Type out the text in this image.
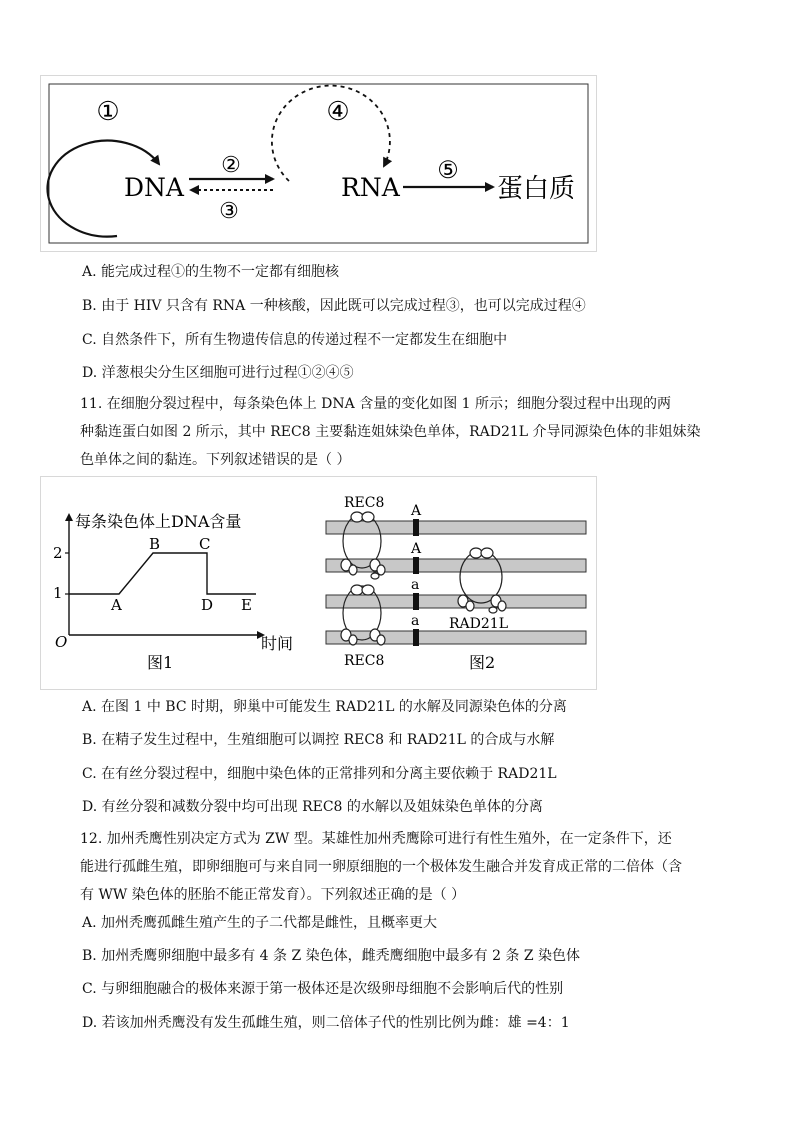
①
DNA
②
③
④
RNA
⑤
蛋白质
A. 能完成过程①的生物不一定都有细胞核
B. 由于 HIV 只含有 RNA 一种核酸，因此既可以完成过程③，也可以完成过程④
C. 自然条件下，所有生物遗传信息的传递过程不一定都发生在细胞中
D. 洋葱根尖分生区细胞可进行过程①②④⑤
11. 在细胞分裂过程中，每条染色体上 DNA 含量的变化如图 1 所示；细胞分裂过程中出现的两
种黏连蛋白如图 2 所示，其中 REC8 主要黏连姐妹染色单体，RAD21L 介导同源染色体的非姐妹染
色单体之间的黏连。下列叙述错误的是（ ）
每条染色体上DNA含量
时间
O
1
2
A
B	C
D E
图1
A
A
a
a
REC8
REC8
RAD21L
图2
A. 在图 1 中 BC 时期，卵巢中可能发生 RAD21L 的水解及同源染色体的分离
B. 在精子发生过程中，生殖细胞可以调控 REC8 和 RAD21L 的合成与水解
C. 在有丝分裂过程中，细胞中染色体的正常排列和分离主要依赖于 RAD21L
D. 有丝分裂和减数分裂中均可出现 REC8 的水解以及姐妹染色单体的分离
12. 加州秃鹰性别决定方式为 ZW 型。某雄性加州秃鹰除可进行有性生殖外，在一定条件下，还
能进行孤雌生殖，即卵细胞可与来自同一卵原细胞的一个极体发生融合并发育成正常的二倍体（含
有 WW 染色体的胚胎不能正常发育）。下列叙述正确的是（ ）
A. 加州秃鹰孤雌生殖产生的子二代都是雌性，且概率更大
B. 加州秃鹰卵细胞中最多有 4 条 Z 染色体，雌秃鹰细胞中最多有 2 条 Z 染色体
C. 与卵细胞融合的极体来源于第一极体还是次级卵母细胞不会影响后代的性别
D. 若该加州秃鹰没有发生孤雌生殖，则二倍体子代的性别比例为雌：雄 =4：1
